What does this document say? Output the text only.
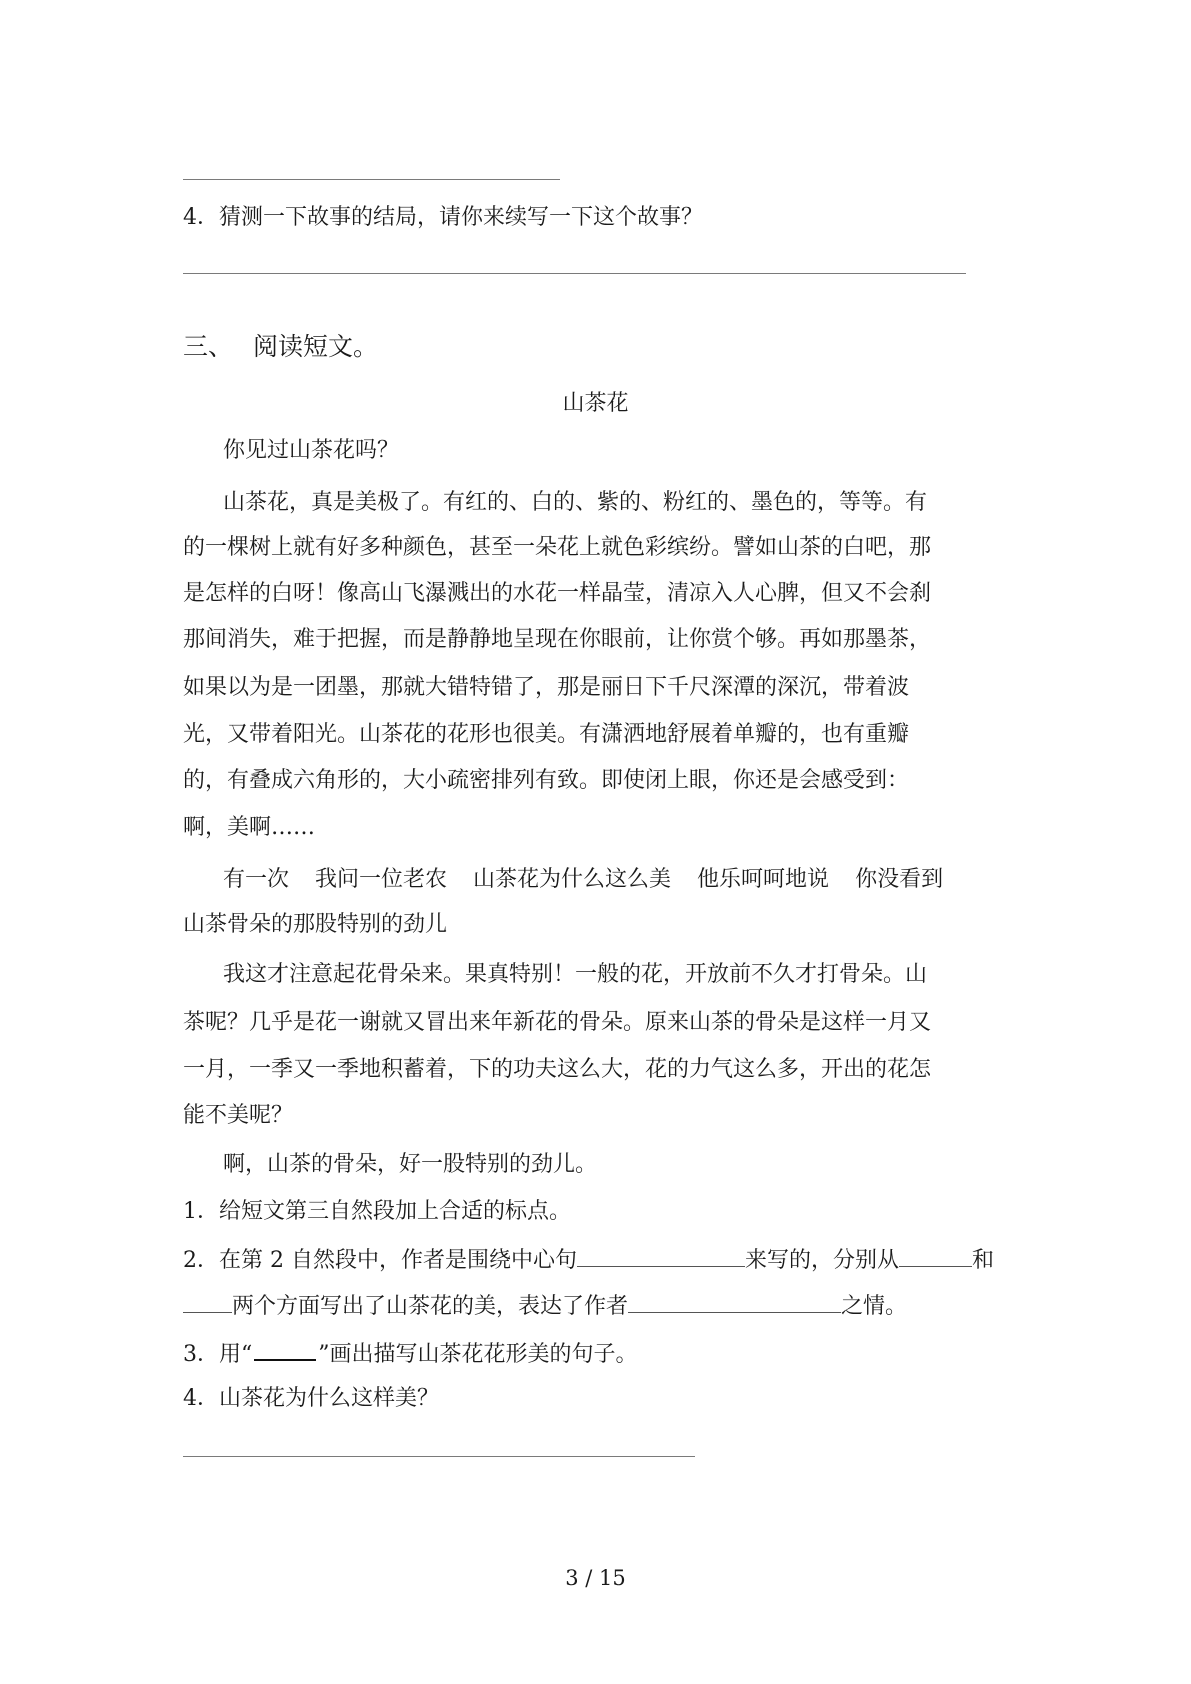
4．猜测一下故事的结局，请你来续写一下这个故事？
三、 阅读短文。
山茶花
你见过山茶花吗？
山茶花，真是美极了。有红的、白的、紫的、粉红的、墨色的，等等。有
的一棵树上就有好多种颜色，甚至一朵花上就色彩缤纷。譬如山茶的白吧，那
是怎样的白呀！像高山飞瀑溅出的水花一样晶莹，清凉入人心脾，但又不会刹
那间消失，难于把握，而是静静地呈现在你眼前，让你赏个够。再如那墨茶，
如果以为是一团墨，那就大错特错了，那是丽日下千尺深潭的深沉，带着波
光，又带着阳光。山茶花的花形也很美。有潇洒地舒展着单瓣的，也有重瓣
的，有叠成六角形的，大小疏密排列有致。即使闭上眼，你还是会感受到：
啊，美啊……
有一次 我问一位老农 山茶花为什么这么美 他乐呵呵地说 你没看到
山茶骨朵的那股特别的劲儿
我这才注意起花骨朵来。果真特别！一般的花，开放前不久才打骨朵。山
茶呢？几乎是花一谢就又冒出来年新花的骨朵。原来山茶的骨朵是这样一月又
一月，一季又一季地积蓄着，下的功夫这么大，花的力气这么多，开出的花怎
能不美呢？
啊，山茶的骨朵，好一股特别的劲儿。
1．给短文第三自然段加上合适的标点。
2．在第 2 自然段中，作者是围绕中心句	来写的，分别从	和
两个方面写出了山茶花的美，表达了作者	之情。
3．用“	”画出描写山茶花花形美的句子。
4．山茶花为什么这样美？
3 / 15
